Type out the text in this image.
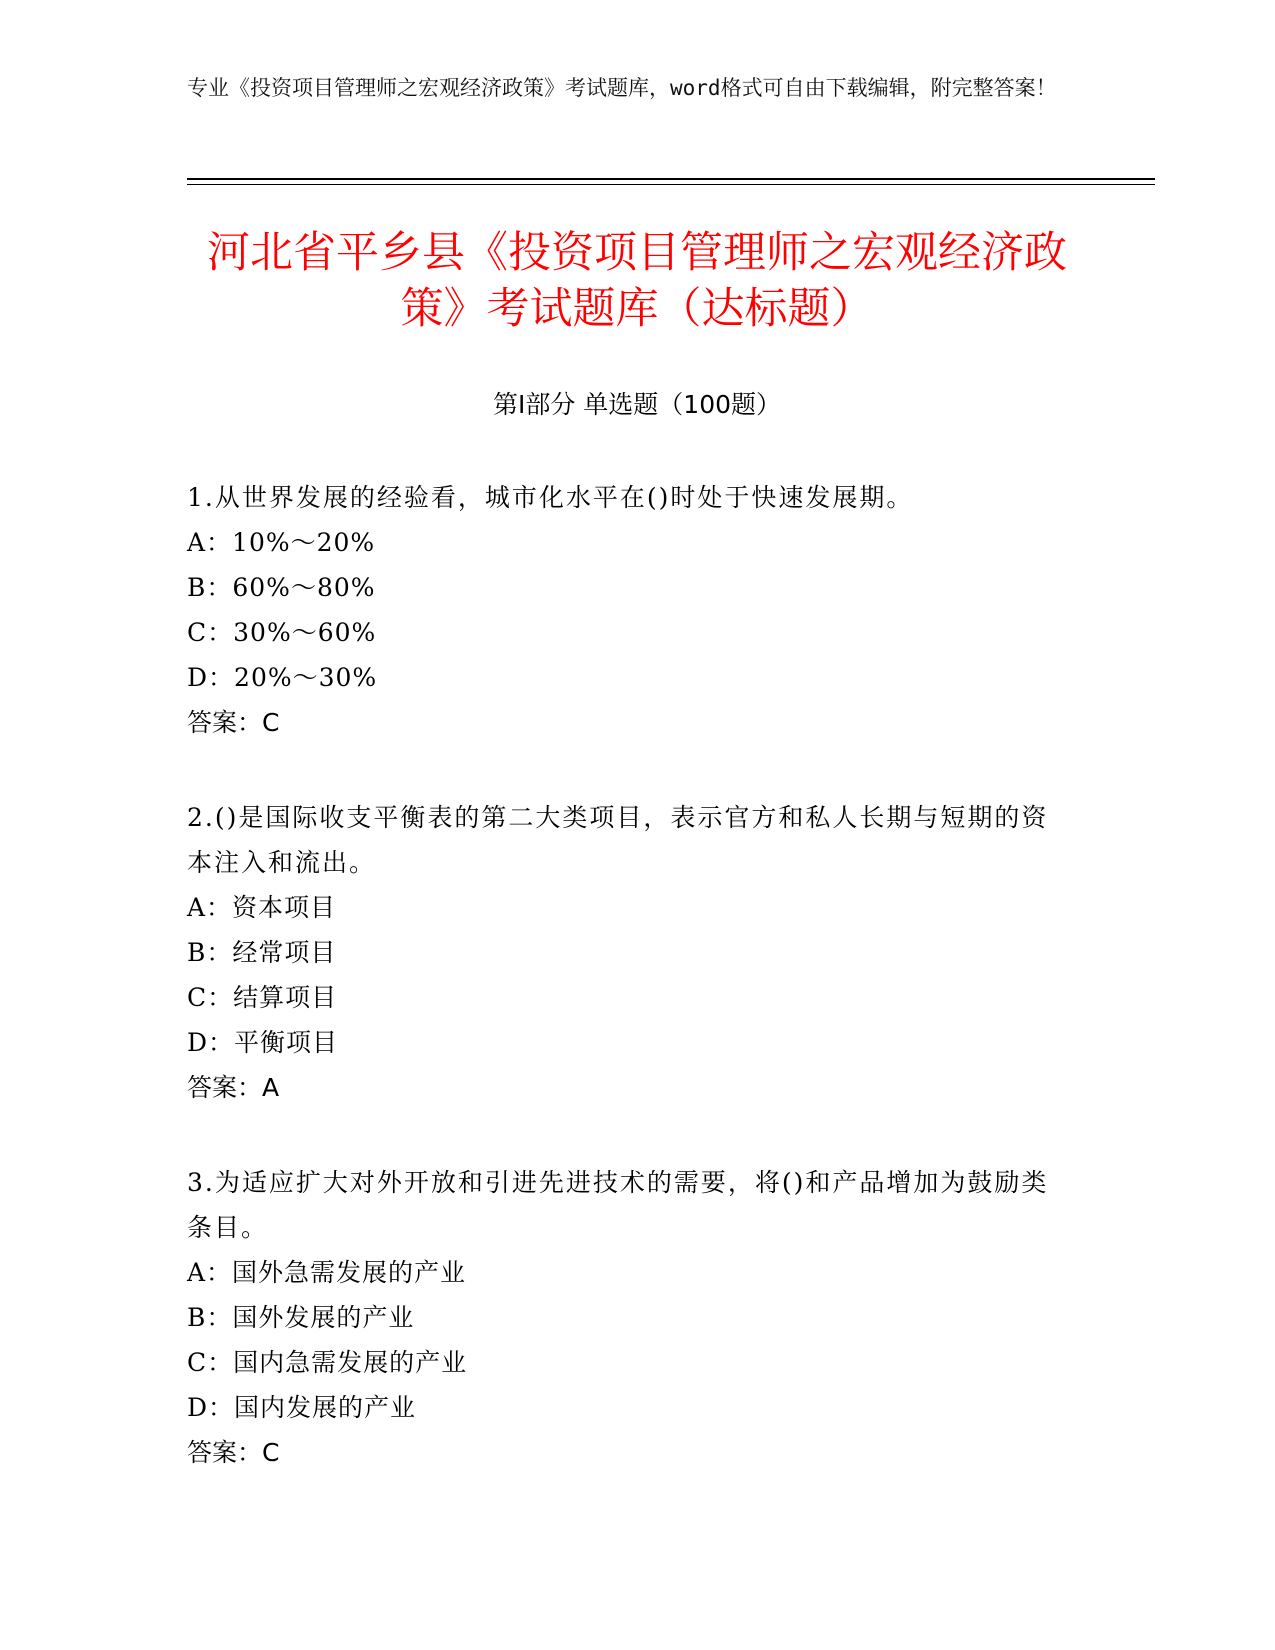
专业《投资项目管理师之宏观经济政策》考试题库，word格式可自由下载编辑，附完整答案！
河北省平乡县《投资项目管理师之宏观经济政策》考试题库（达标题）
第Ⅰ部分 单选题（100题）
1.从世界发展的经验看，城市化水平在()时处于快速发展期。
A：10%～20%
B：60%～80%
C：30%～60%
D：20%～30%
答案：C
2.()是国际收支平衡表的第二大类项目，表示官方和私人长期与短期的资本注入和流出。
A：资本项目
B：经常项目
C：结算项目
D：平衡项目
答案：A
3.为适应扩大对外开放和引进先进技术的需要，将()和产品增加为鼓励类条目。
A：国外急需发展的产业
B：国外发展的产业
C：国内急需发展的产业
D：国内发展的产业
答案：C
